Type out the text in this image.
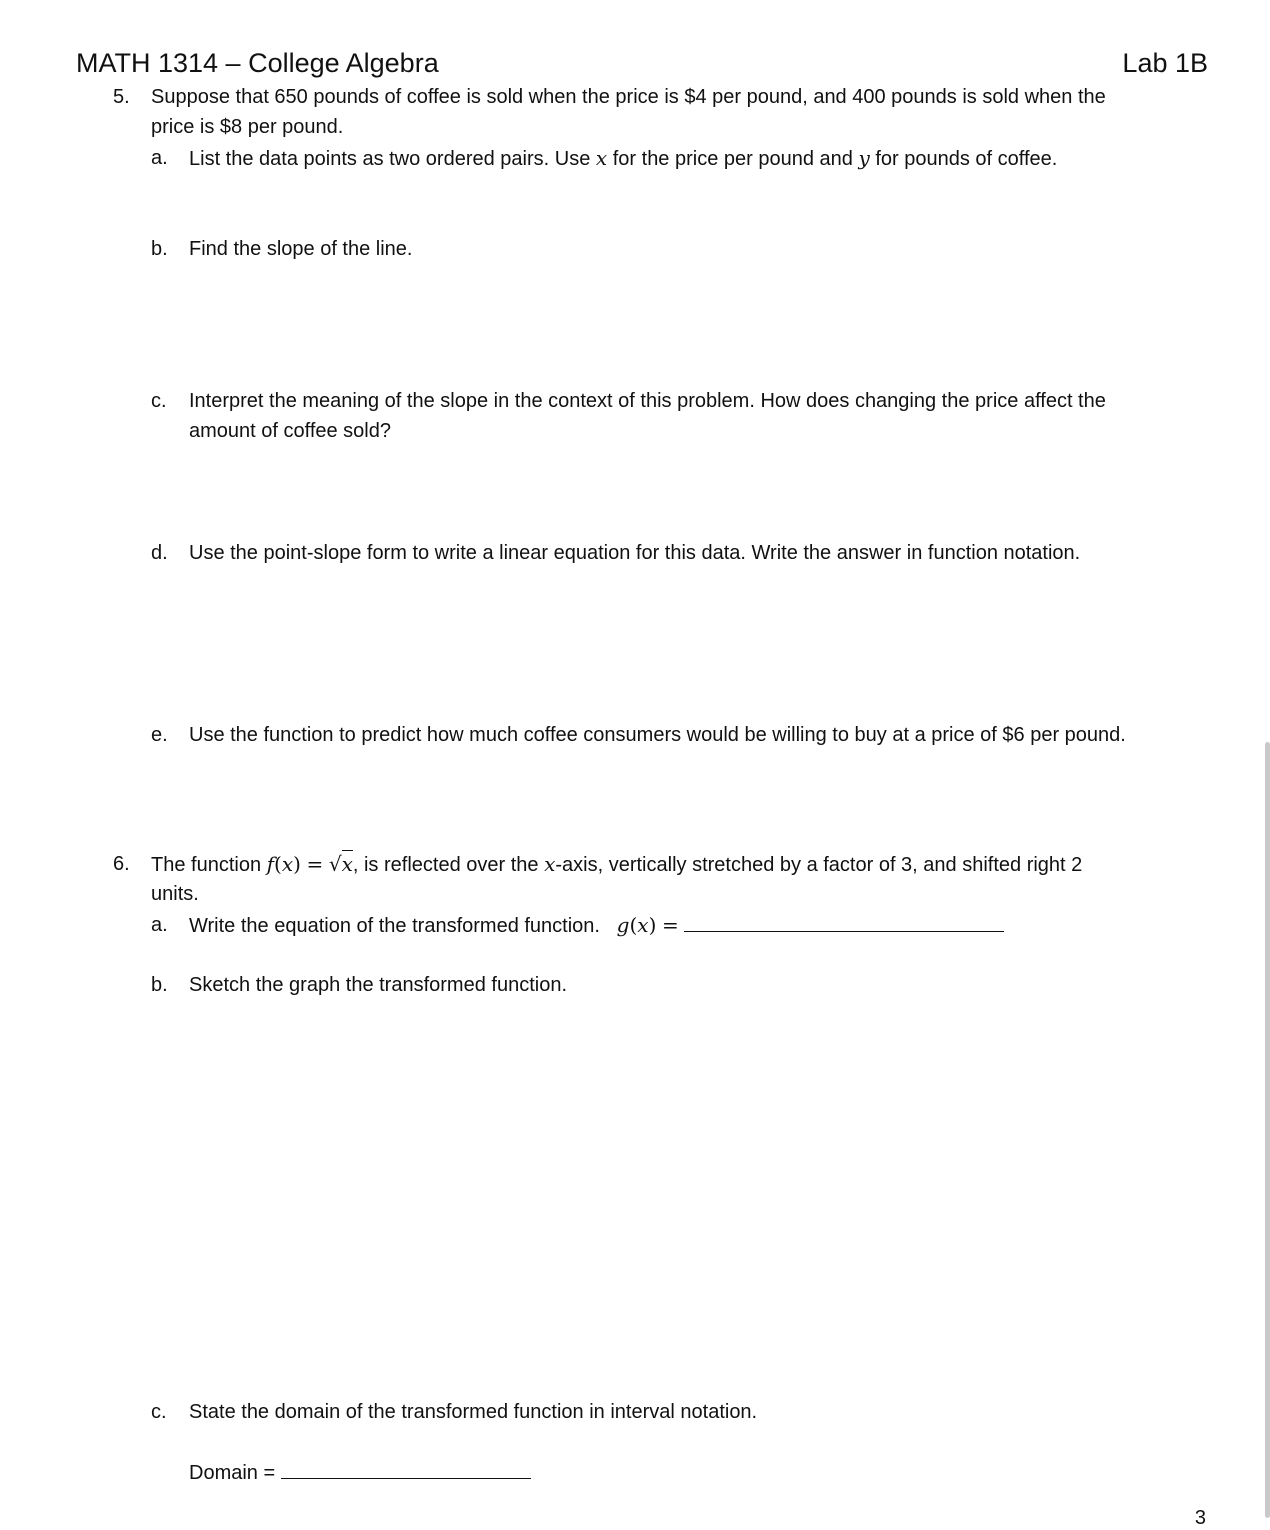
MATH 1314 – College Algebra	Lab 1B
5. Suppose that 650 pounds of coffee is sold when the price is $4 per pound, and 400 pounds is sold when the
price is $8 per pound.
a. List the data points as two ordered pairs. Use x for the price per pound and y for pounds of coffee.
b. Find the slope of the line.
c. Interpret the meaning of the slope in the context of this problem. How does changing the price affect the
amount of coffee sold?
d. Use the point-slope form to write a linear equation for this data. Write the answer in function notation.
e. Use the function to predict how much coffee consumers would be willing to buy at a price of $6 per pound.
6. The function f(x) = √x, is reflected over the x-axis, vertically stretched by a factor of 3, and shifted right 2
units.
a. Write the equation of the transformed function. g(x) =
b. Sketch the graph the transformed function.
c. State the domain of the transformed function in interval notation.
Domain =
3
